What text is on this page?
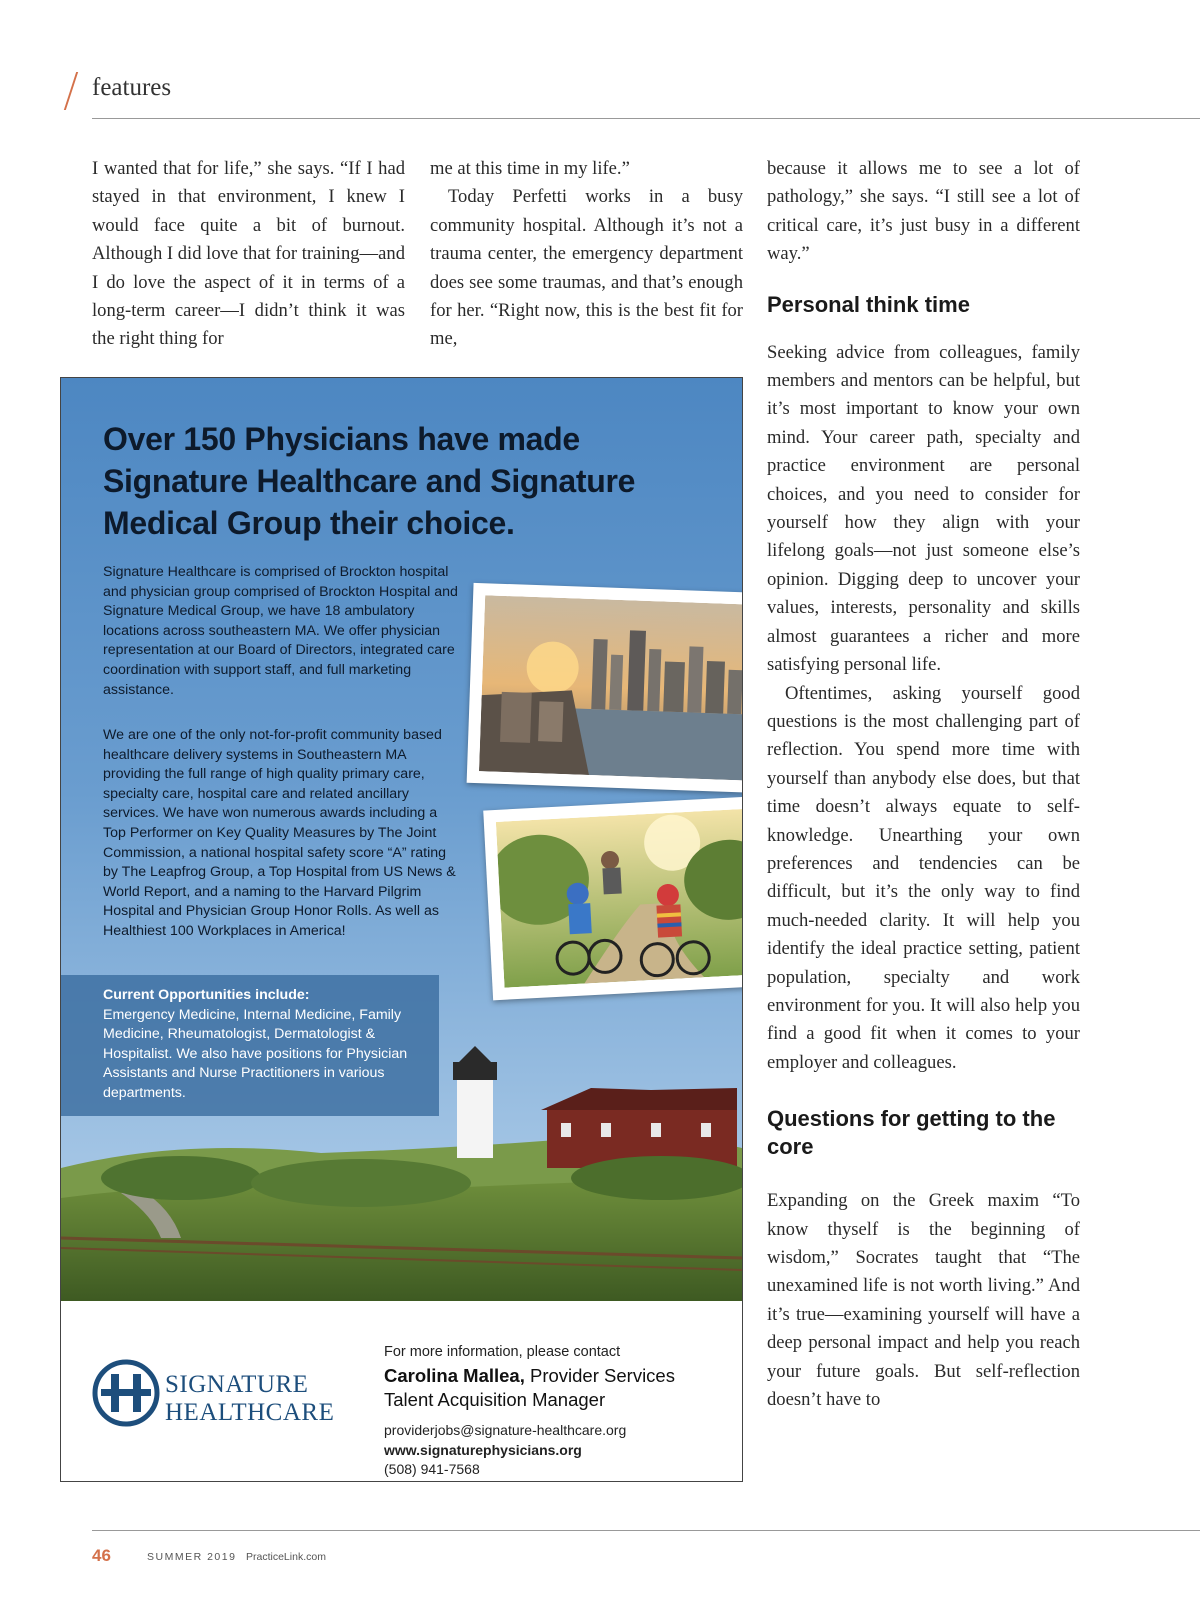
features

I wanted that for life,” she says. “If I had stayed in that environment, I knew I would face quite a bit of burnout. Although I did love that for training—and I do love the aspect of it in terms of a long-term career—I didn’t think it was the right thing for

me at this time in my life.”

Today Perfetti works in a busy community hospital. Although it’s not a trauma center, the emergency department does see some traumas, and that’s enough for her. “Right now, this is the best fit for me,

because it allows me to see a lot of pathology,” she says. “I still see a lot of critical care, it’s just busy in a different way.”

Personal think time

Seeking advice from colleagues, family members and mentors can be helpful, but it’s most important to know your own mind. Your career path, specialty and practice environment are personal choices, and you need to consider for yourself how they align with your lifelong goals—not just someone else’s opinion. Digging deep to uncover your values, interests, personality and skills almost guarantees a richer and more satisfying personal life.

Oftentimes, asking yourself good questions is the most challenging part of reflection. You spend more time with yourself than anybody else does, but that time doesn’t always equate to self-knowledge. Unearthing your own preferences and tendencies can be difficult, but it’s the only way to find much-needed clarity. It will help you identify the ideal practice setting, patient population, specialty and work environment for you. It will also help you find a good fit when it comes to your employer and colleagues.

Questions for getting to the core

Expanding on the Greek maxim “To know thyself is the beginning of wisdom,” Socrates taught that “The unexamined life is not worth living.” And it’s true—examining yourself will have a deep personal impact and help you reach your future goals. But self-reflection doesn’t have to

Over 150 Physicians have made Signature Healthcare and Signature Medical Group their choice.
Signature Healthcare is comprised of Brockton hospital and physician group comprised of Brockton Hospital and Signature Medical Group, we have 18 ambulatory locations across southeastern MA. We offer physician representation at our Board of Directors, integrated care coordination with support staff, and full marketing assistance.
We are one of the only not-for-profit community based healthcare delivery systems in Southeastern MA providing the full range of high quality primary care, specialty care, hospital care and related ancillary services. We have won numerous awards including a Top Performer on Key Quality Measures by The Joint Commission, a national hospital safety score “A” rating by The Leapfrog Group, a Top Hospital from US News & World Report, and a naming to the Harvard Pilgrim Hospital and Physician Group Honor Rolls. As well as Healthiest 100 Workplaces in America!
Current Opportunities include:
Emergency Medicine, Internal Medicine, Family Medicine, Rheumatologist, Dermatologist & Hospitalist. We also have positions for Physician Assistants and Nurse Practitioners in various departments.
SIGNATURE
HEALTHCARE
For more information, please contact
Carolina Mallea, Provider Services
Talent Acquisition Manager
providerjobs@signature-healthcare.org
www.signaturephysicians.org
(508) 941-7568
46	SUMMER 2019 PracticeLink.com
